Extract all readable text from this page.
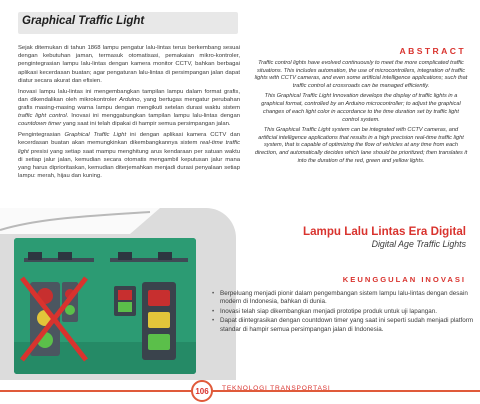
Graphical Traffic Light

Sejak ditemukan di tahun 1868 lampu pengatur lalu-lintas terus berkembang sesuai dengan kebutuhan jaman, termasuk otomatisasi, pemakaian mikro-kontroler, pengintegrasian lampu lalu-lintas dengan kamera monitor CCTV, bahkan berbagai aplikasi kecerdasan buatan; agar pengaturan lalu-lintas di persimpangan jalan dapat diatur secara akurat dan efisien.

Inovasi lampu lalu-lintas ini mengembangkan tampilan lampu dalam format grafis, dan dikendalikan oleh mikrokontroler Arduino, yang bertugas mengatur perubahan grafis masing-masing warna lampu dengan mengikuti setelan durasi waktu sistem traffic light control. Inovasi ini menggabungkan tampilan lampu lalu-lintas dengan countdown timer yang saat ini telah dipakai di hampir semua persimpangan jalan.

Pengintegrasian Graphical Traffic Light ini dengan aplikasi kamera CCTV dan kecerdasan buatan akan memungkinkan dikembangkannya sistem real-time traffic light presisi yang setiap saat mampu menghitung arus kendaraan per satuan waktu di setiap jalur jalan, kemudian secara otomatis mengambil keputusan jalur mana yang harus diprioritaskan, kemudian diterjemahkan menjadi durasi penyalaan setiap lampu: merah, hijau dan kuning.

ABSTRACT

Traffic control lights have evolved continuously to meet the more complicated traffic situations. This includes automation, the use of microcontrollers, integration of traffic lights with CCTV cameras, and even some artificial intelligence applications; such that traffic control at crossroads can be managed efficiently.

This Graphical Traffic Light Innovation develops the display of traffic lights in a graphical format, controlled by an Arduino microcontroller; to adjust the graphical changes of each light color in accordance to the time duration set by traffic light control system.

This Graphical Traffic Light system can be integrated with CCTV cameras, and artificial intelligence applications that results in a high precision real-time traffic light system, that is capable of optimizing the flow of vehicles at any time from each direction, and automatically decides which lane should be prioritized; then translates it into the duration of the red, green and yellow lights.

Lampu Lalu Lintas Era Digital
Digital Age Traffic Lights
KEUNGGULAN INOVASI
• Berpeluang menjadi pionir dalam pengembangan sistem lampu lalu-lintas dengan desain modern di Indonesia, bahkan di dunia.
• Inovasi telah siap dikembangkan menjadi prototipe produk untuk uji lapangan.
• Dapat diintegrasikan dengan countdown timer yang saat ini seperti sudah menjadi platform standar di hampir semua persimpangan jalan di Indonesia.
106	TEKNOLOGI TRANSPORTASI
